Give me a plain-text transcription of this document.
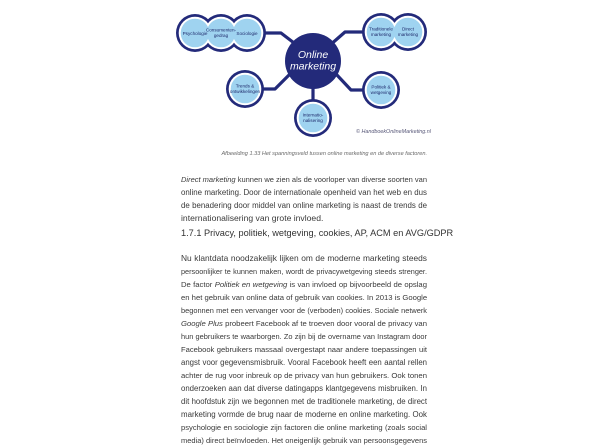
Psychologie
Consumenten-gedrag	Sociologie
Traditionele marketing
Direct marketing
Online marketing
Trends & ontwikkelingen
Internatio-nalisering
Politiek & wetgeving
© HandboekOnlineMarketing.nl
Afbeelding 1.33 Het spanningsveld tussen online marketing en de diverse factoren.
Direct marketing kunnen we zien als de voorloper van diverse soorten van
online marketing. Door de internationale openheid van het web en dus
de benadering door middel van online marketing is naast de trends de
internationalisering van grote invloed.
1.7.1 Privacy, politiek, wetgeving, cookies, AP, ACM en AVG/GDPR
Nu klantdata noodzakelijk lijken om de moderne marketing steeds
persoonlijker te kunnen maken, wordt de privacywetgeving steeds strenger.
De factor Politiek en wetgeving is van invloed op bijvoorbeeld de opslag
en het gebruik van online data of gebruik van cookies. In 2013 is Google
begonnen met een vervanger voor de (verboden) cookies. Sociale netwerk
Google Plus probeert Facebook af te troeven door vooral de privacy van
hun gebruikers te waarborgen. Zo zijn bij de overname van Instagram door
Facebook gebruikers massaal overgestapt naar andere toepassingen uit
angst voor gegevensmisbruik. Vooral Facebook heeft een aantal rellen
achter de rug voor inbreuk op de privacy van hun gebruikers. Ook tonen
onderzoeken aan dat diverse datingapps klantgegevens misbruiken. In
dit hoofdstuk zijn we begonnen met de traditionele marketing, de direct
marketing vormde de brug naar de moderne en online marketing. Ook
psychologie en sociologie zijn factoren die online marketing (zoals social
media) direct beïnvloeden. Het oneigenlijk gebruik van persoonsgegevens
